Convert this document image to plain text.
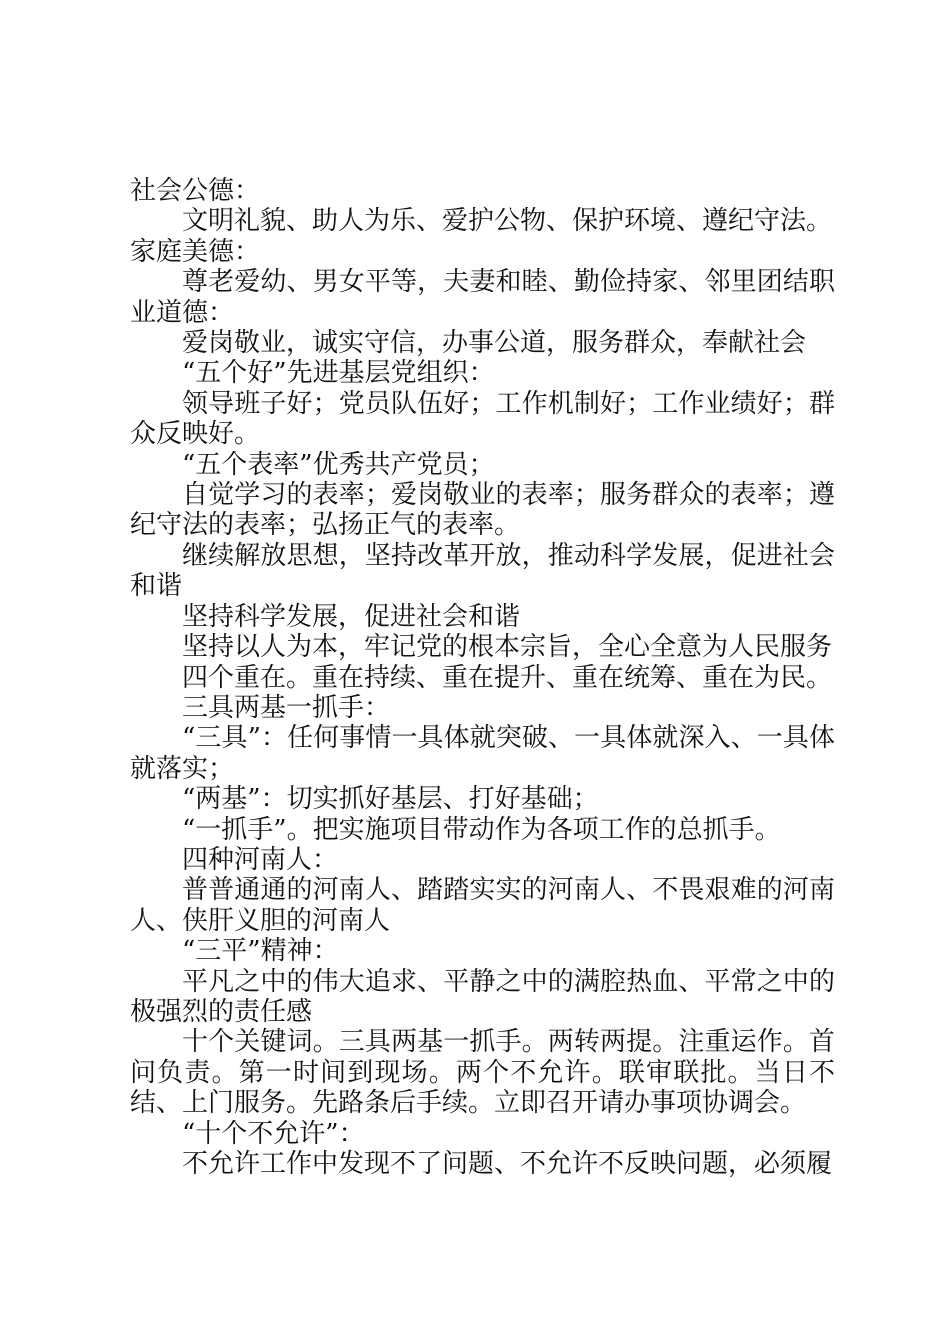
社会公德：

文明礼貌、助人为乐、爱护公物、保护环境、遵纪守法。

家庭美德：

尊老爱幼、男女平等，夫妻和睦、勤俭持家、邻里团结职业道德：

爱岗敬业，诚实守信，办事公道，服务群众，奉献社会

“五个好”先进基层党组织：

领导班子好；党员队伍好；工作机制好；工作业绩好；群众反映好。

“五个表率”优秀共产党员；

自觉学习的表率；爱岗敬业的表率；服务群众的表率；遵纪守法的表率；弘扬正气的表率。

继续解放思想，坚持改革开放，推动科学发展，促进社会和谐

坚持科学发展，促进社会和谐

坚持以人为本，牢记党的根本宗旨，全心全意为人民服务

四个重在。重在持续、重在提升、重在统筹、重在为民。

三具两基一抓手：

“三具”：任何事情一具体就突破、一具体就深入、一具体就落实；

“两基”：切实抓好基层、打好基础；

“一抓手”。把实施项目带动作为各项工作的总抓手。

四种河南人：

普普通通的河南人、踏踏实实的河南人、不畏艰难的河南人、侠肝义胆的河南人

“三平”精神：

平凡之中的伟大追求、平静之中的满腔热血、平常之中的极强烈的责任感

十个关键词。三具两基一抓手。两转两提。注重运作。首问负责。第一时间到现场。两个不允许。联审联批。当日不结、上门服务。先路条后手续。立即召开请办事项协调会。

“十个不允许”：

不允许工作中发现不了问题、不允许不反映问题，必须履
